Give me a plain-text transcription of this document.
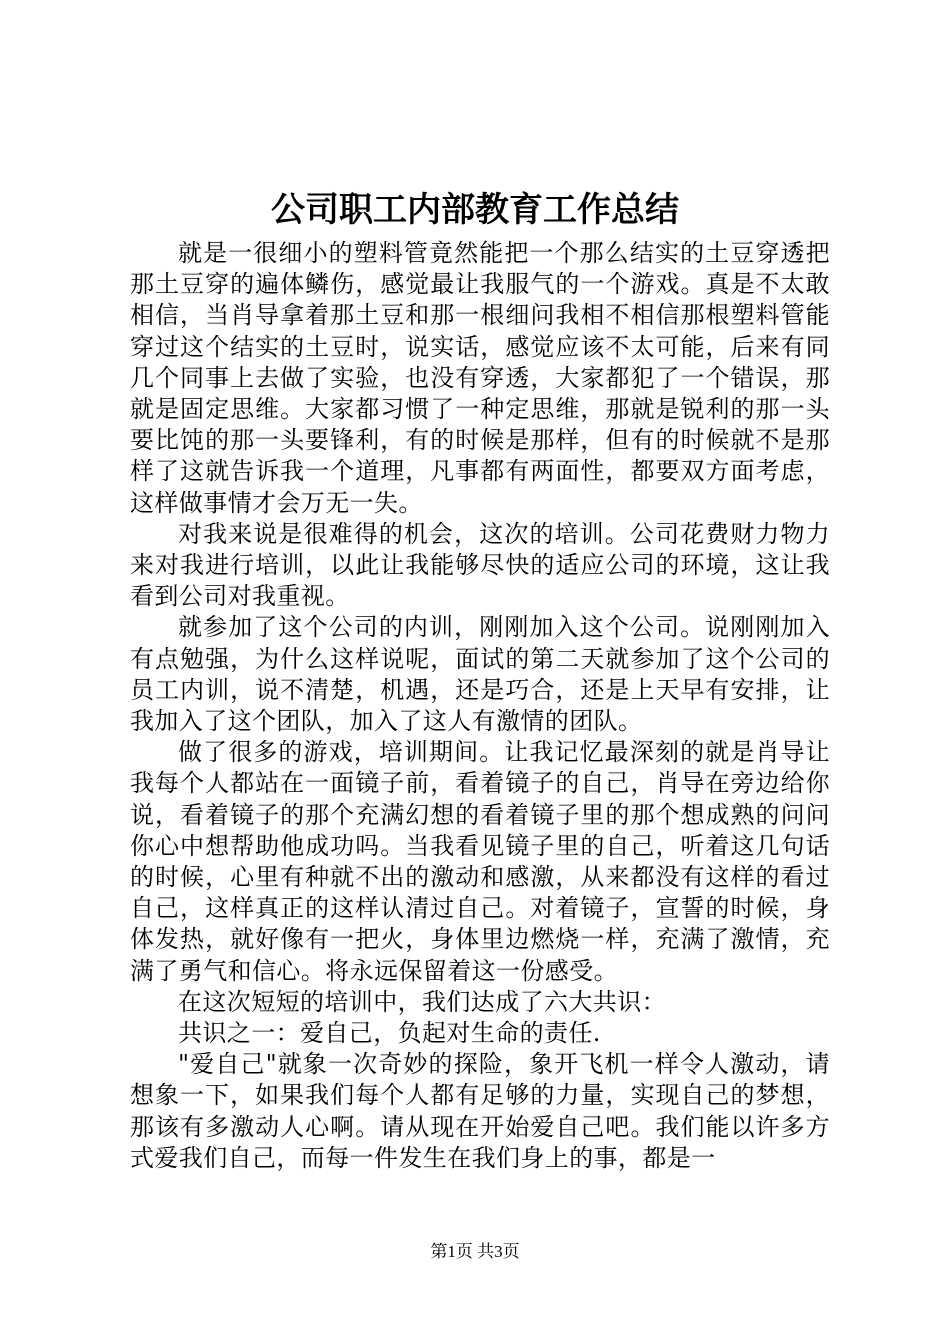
公司职工内部教育工作总结

就是一很细小的塑料管竟然能把一个那么结实的土豆穿透把那土豆穿的遍体鳞伤，感觉最让我服气的一个游戏。真是不太敢相信，当肖导拿着那土豆和那一根细问我相不相信那根塑料管能穿过这个结实的土豆时，说实话，感觉应该不太可能，后来有同几个同事上去做了实验，也没有穿透，大家都犯了一个错误，那就是固定思维。大家都习惯了一种定思维，那就是锐利的那一头要比饨的那一头要锋利，有的时候是那样，但有的时候就不是那样了这就告诉我一个道理，凡事都有两面性，都要双方面考虑，这样做事情才会万无一失。

对我来说是很难得的机会，这次的培训。公司花费财力物力来对我进行培训，以此让我能够尽快的适应公司的环境，这让我看到公司对我重视。

就参加了这个公司的内训，刚刚加入这个公司。说刚刚加入有点勉强，为什么这样说呢，面试的第二天就参加了这个公司的员工内训，说不清楚，机遇，还是巧合，还是上天早有安排，让我加入了这个团队，加入了这人有激情的团队。

做了很多的游戏，培训期间。让我记忆最深刻的就是肖导让我每个人都站在一面镜子前，看着镜子的自己，肖导在旁边给你说，看着镜子的那个充满幻想的看着镜子里的那个想成熟的问问你心中想帮助他成功吗。当我看见镜子里的自己，听着这几句话的时候，心里有种就不出的激动和感激，从来都没有这样的看过自己，这样真正的这样认清过自己。对着镜子，宣誓的时候，身体发热，就好像有一把火，身体里边燃烧一样，充满了激情，充满了勇气和信心。将永远保留着这一份感受。

在这次短短的培训中，我们达成了六大共识：

共识之一：爱自己，负起对生命的责任.

"爱自己"就象一次奇妙的探险，象开飞机一样令人激动，请想象一下，如果我们每个人都有足够的力量，实现自己的梦想，那该有多激动人心啊。请从现在开始爱自己吧。我们能以许多方式爱我们自己，而每一件发生在我们身上的事，都是一

第1页 共3页
